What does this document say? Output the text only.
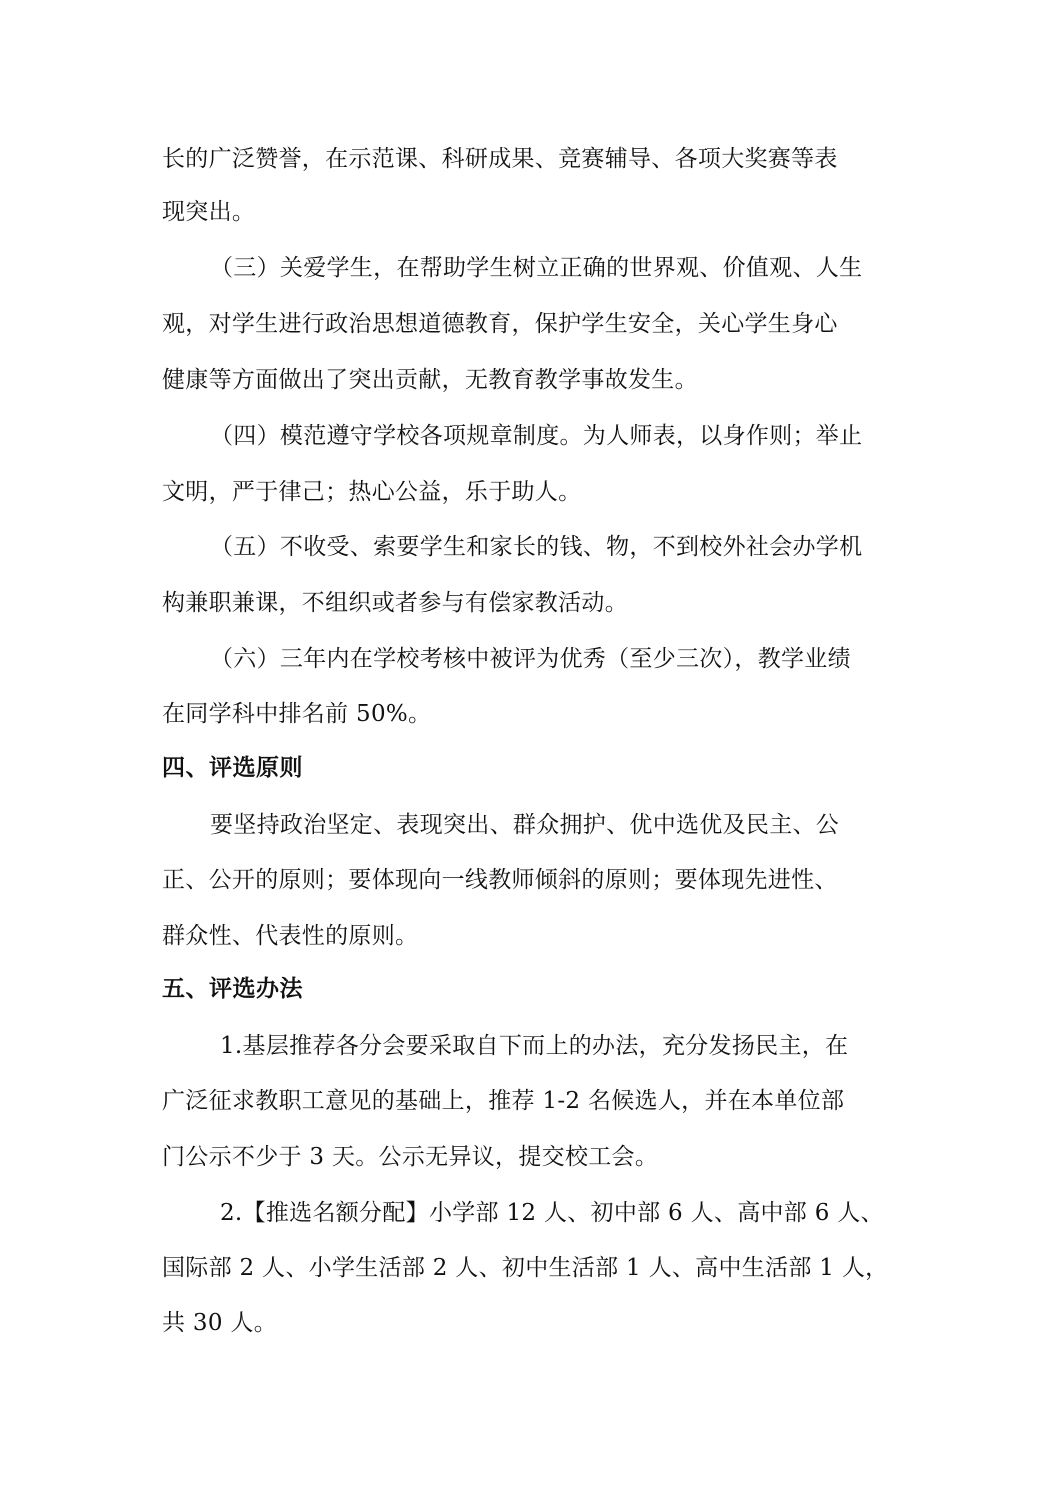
长的广泛赞誉，在示范课、科研成果、竞赛辅导、各项大奖赛等表
现突出。
（三）关爱学生，在帮助学生树立正确的世界观、价值观、人生
观，对学生进行政治思想道德教育，保护学生安全，关心学生身心
健康等方面做出了突出贡献，无教育教学事故发生。
（四）模范遵守学校各项规章制度。为人师表，以身作则；举止
文明，严于律己；热心公益，乐于助人。
（五）不收受、索要学生和家长的钱、物，不到校外社会办学机
构兼职兼课，不组织或者参与有偿家教活动。
（六）三年内在学校考核中被评为优秀（至少三次），教学业绩
在同学科中排名前 50%。
四、评选原则
要坚持政治坚定、表现突出、群众拥护、优中选优及民主、公
正、公开的原则；要体现向一线教师倾斜的原则；要体现先进性、
群众性、代表性的原则。
五、评选办法
1.基层推荐各分会要采取自下而上的办法，充分发扬民主，在
广泛征求教职工意见的基础上，推荐 1-2 名候选人，并在本单位部
门公示不少于 3 天。公示无异议，提交校工会。
2.【推选名额分配】小学部 12 人、初中部 6 人、高中部 6 人、
国际部 2 人、小学生活部 2 人、初中生活部 1 人、高中生活部 1 人，
共 30 人。
